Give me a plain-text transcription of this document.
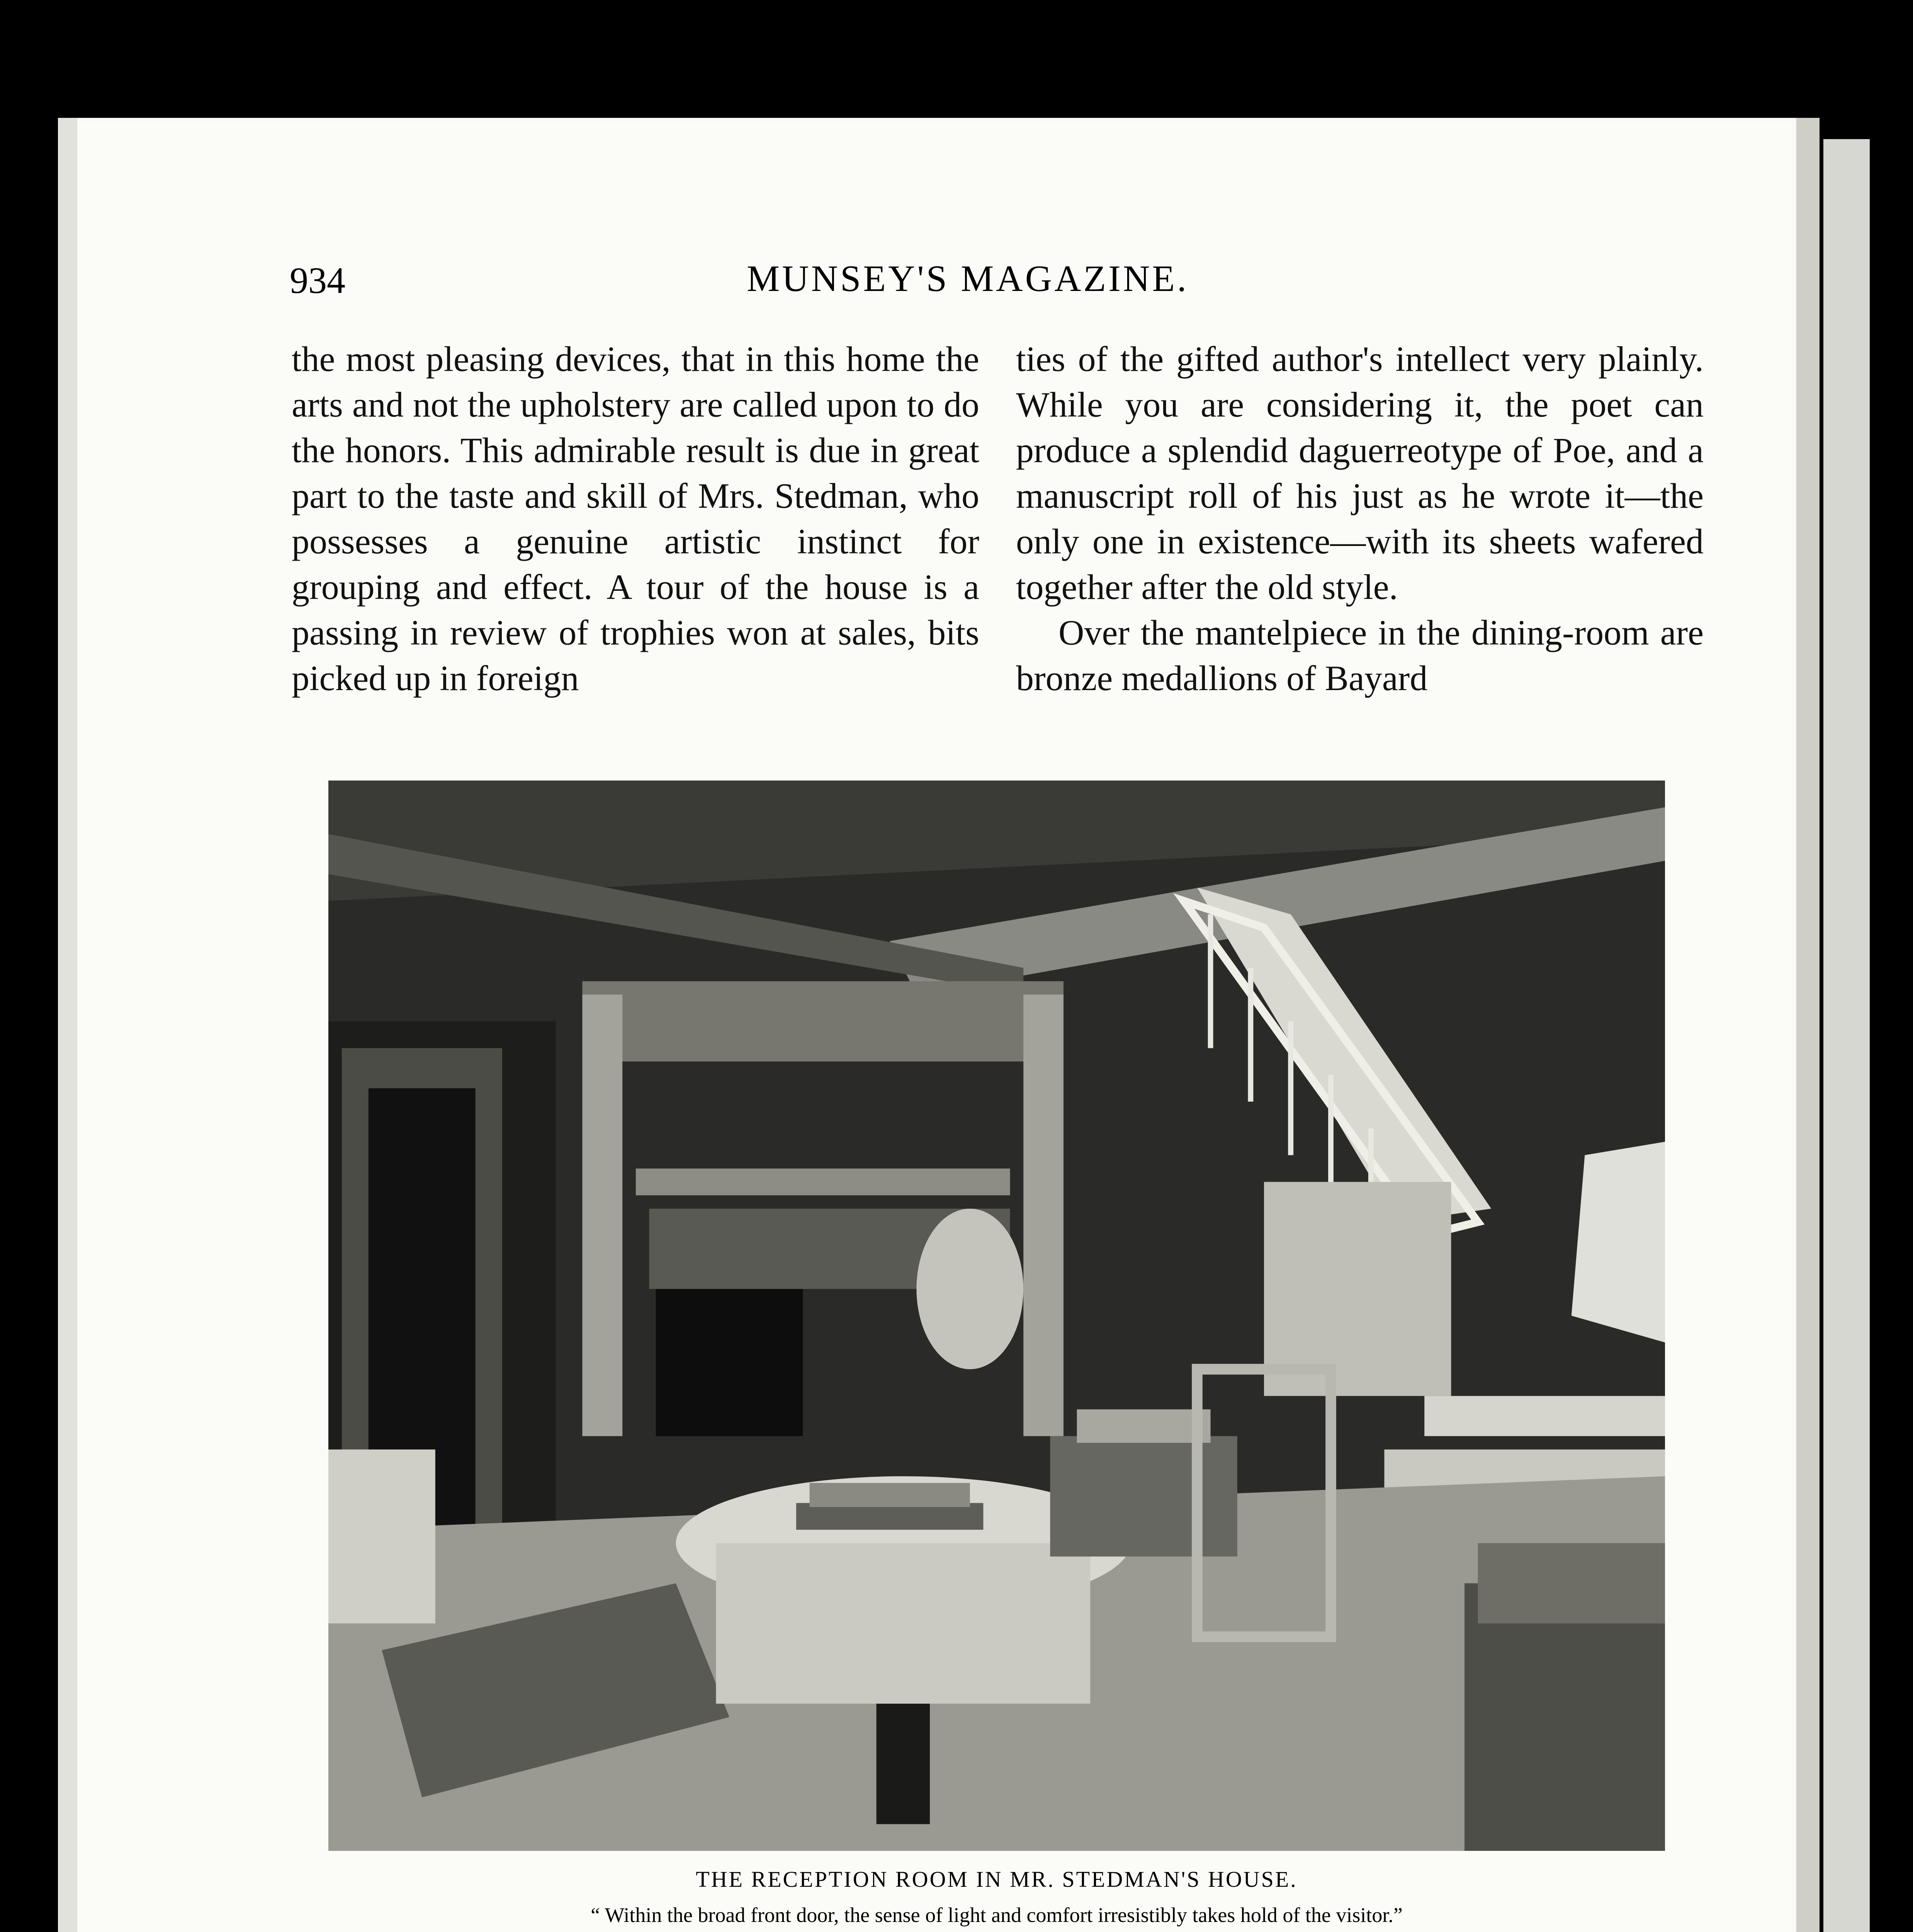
934	MUNSEY'S MAGAZINE.

the most pleasing devices, that in this home the arts and not the upholstery are called upon to do the honors. This admirable result is due in great part to the taste and skill of Mrs. Stedman, who possesses a genuine artistic instinct for grouping and effect. A tour of the house is a passing in review of trophies won at sales, bits picked up in foreign

ties of the gifted author's intellect very plainly. While you are considering it, the poet can produce a splendid daguerreotype of Poe, and a manuscript roll of his just as he wrote it—the only one in existence—with its sheets wafered together after the old style.

Over the mantelpiece in the dining-room are bronze medallions of Bayard

THE RECEPTION ROOM IN MR. STEDMAN'S HOUSE.
“ Within the broad front door, the sense of light and comfort irresistibly takes hold of the visitor.”
